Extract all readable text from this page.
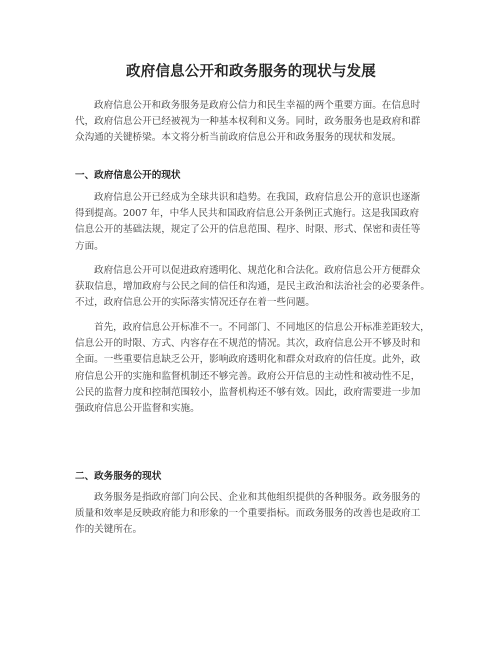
政府信息公开和政务服务的现状与发展
政府信息公开和政务服务是政府公信力和民生幸福的两个重要方面。在信息时
代，政府信息公开已经被视为一种基本权利和义务。同时，政务服务也是政府和群
众沟通的关键桥梁。本文将分析当前政府信息公开和政务服务的现状和发展。
一、政府信息公开的现状
政府信息公开已经成为全球共识和趋势。在我国，政府信息公开的意识也逐渐
得到提高。2007 年，中华人民共和国政府信息公开条例正式施行。这是我国政府
信息公开的基础法规，规定了公开的信息范围、程序、时限、形式、保密和责任等
方面。
政府信息公开可以促进政府透明化、规范化和合法化。政府信息公开方便群众
获取信息，增加政府与公民之间的信任和沟通，是民主政治和法治社会的必要条件。
不过，政府信息公开的实际落实情况还存在着一些问题。
首先，政府信息公开标准不一。不同部门、不同地区的信息公开标准差距较大，
信息公开的时限、方式、内容存在不规范的情况。其次，政府信息公开不够及时和
全面。一些重要信息缺乏公开，影响政府透明化和群众对政府的信任度。此外，政
府信息公开的实施和监督机制还不够完善。政府公开信息的主动性和被动性不足，
公民的监督力度和控制范围较小，监督机构还不够有效。因此，政府需要进一步加
强政府信息公开监督和实施。
二、政务服务的现状
政务服务是指政府部门向公民、企业和其他组织提供的各种服务。政务服务的
质量和效率是反映政府能力和形象的一个重要指标。而政务服务的改善也是政府工
作的关键所在。
